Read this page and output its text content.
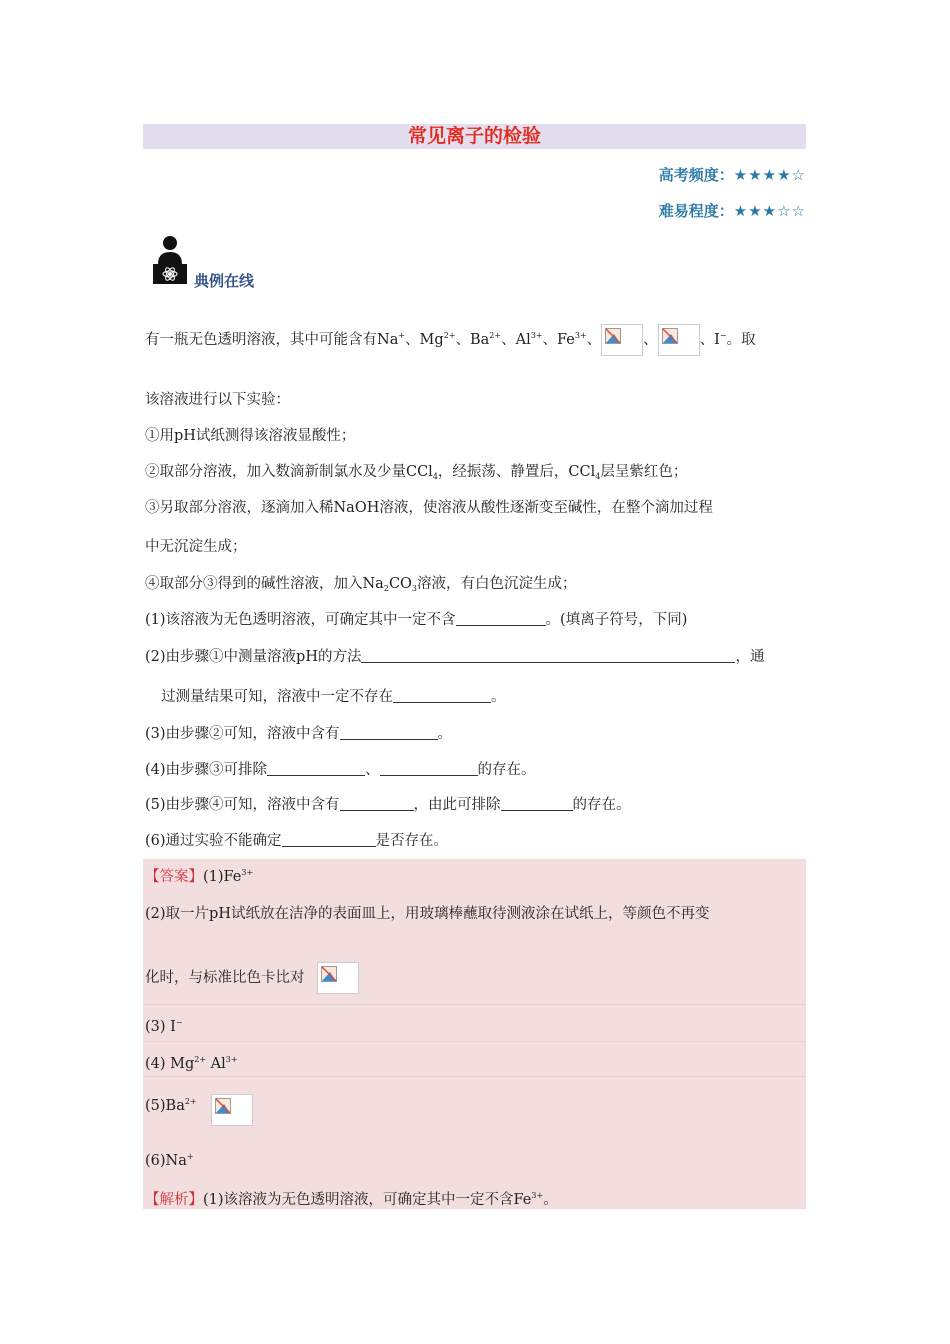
常见离子的检验
高考频度：★★★★☆
难易程度：★★★☆☆
典例在线
有一瓶无色透明溶液，其中可能含有Na+、$Mg^{2+}$、$Ba^{2+}$、$Al^{3+}$、$Fe^{3+}$、	、	、I−。取
该溶液进行以下实验：
①用pH试纸测得该溶液显酸性；
②取部分溶液，加入数滴新制氯水及少量CCl$_4$，经振荡、静置后，CCl$_4$层呈紫红色；
③另取部分溶液，逐滴加入稀NaOH溶液，使溶液从酸性逐渐变至碱性，在整个滴加过程
中无沉淀生成；
④取部分③得到的碱性溶液，加入$Na_2CO_3$溶液，有白色沉淀生成；
(1)该溶液为无色透明溶液，可确定其中一定不含	。(填离子符号，下同)
(2)由步骤①中测量溶液pH的方法	，通
过测量结果可知，溶液中一定不存在	。
(3)由步骤②可知，溶液中含有	。
(4)由步骤③可排除	、	的存在。
(5)由步骤④可知，溶液中含有	，由此可排除	的存在。
(6)通过实验不能确定	是否存在。
【答案】$(1)Fe^{3+}$
(2)取一片pH试纸放在洁净的表面皿上，用玻璃棒蘸取待测液涂在试纸上，等颜色不再变
化时，与标准比色卡比对
(3) I−
(4) $Mg^{2+}$ $Al^{3+}$
$(5)Ba^{2+}$
(6)Na+
【解析】(1)该溶液为无色透明溶液，可确定其中一定不含$Fe^{3+}$。
